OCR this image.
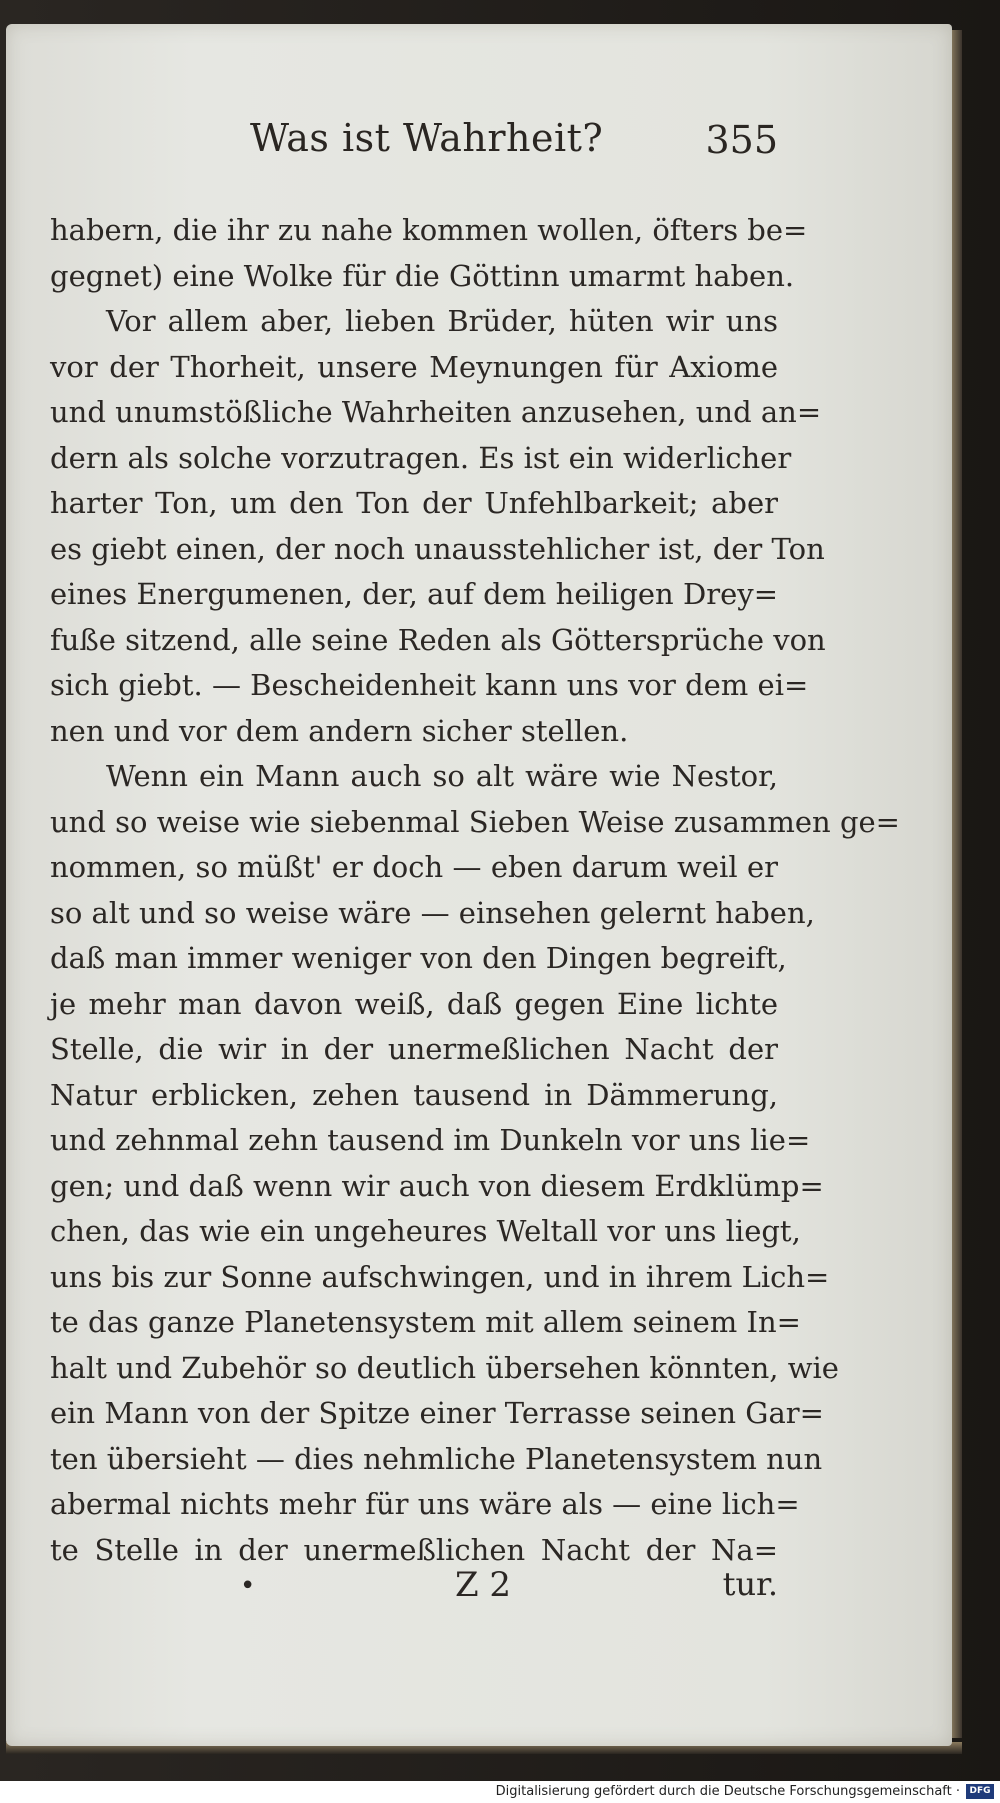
Was ist Wahrheit?	355
habern, die ihr zu nahe kommen wollen, öfters be=
gegnet) eine Wolke für die Göttinn umarmt haben.
Vor allem aber, lieben Brüder, hüten wir uns
vor der Thorheit, unsere Meynungen für Axiome
und unumstößliche Wahrheiten anzusehen, und an=
dern als solche vorzutragen. Es ist ein widerlicher
harter Ton, um den Ton der Unfehlbarkeit; aber
es giebt einen, der noch unausstehlicher ist, der Ton
eines Energumenen, der, auf dem heiligen Drey=
fuße sitzend, alle seine Reden als Göttersprüche von
sich giebt. — Bescheidenheit kann uns vor dem ei=
nen und vor dem andern sicher stellen.
Wenn ein Mann auch so alt wäre wie Nestor,
und so weise wie siebenmal Sieben Weise zusammen ge=
nommen, so müßt' er doch — eben darum weil er
so alt und so weise wäre — einsehen gelernt haben,
daß man immer weniger von den Dingen begreift,
je mehr man davon weiß, daß gegen Eine lichte
Stelle, die wir in der unermeßlichen Nacht der
Natur erblicken, zehen tausend in Dämmerung,
und zehnmal zehn tausend im Dunkeln vor uns lie=
gen; und daß wenn wir auch von diesem Erdklümp=
chen, das wie ein ungeheures Weltall vor uns liegt,
uns bis zur Sonne aufschwingen, und in ihrem Lich=
te das ganze Planetensystem mit allem seinem In=
halt und Zubehör so deutlich übersehen könnten, wie
ein Mann von der Spitze einer Terrasse seinen Gar=
ten übersieht — dies nehmliche Planetensystem nun
abermal nichts mehr für uns wäre als — eine lich=
te Stelle in der unermeßlichen Nacht der Na=
•	Z 2	tur.
Digitalisierung gefördert durch die Deutsche Forschungsgemeinschaft ·	DFG
